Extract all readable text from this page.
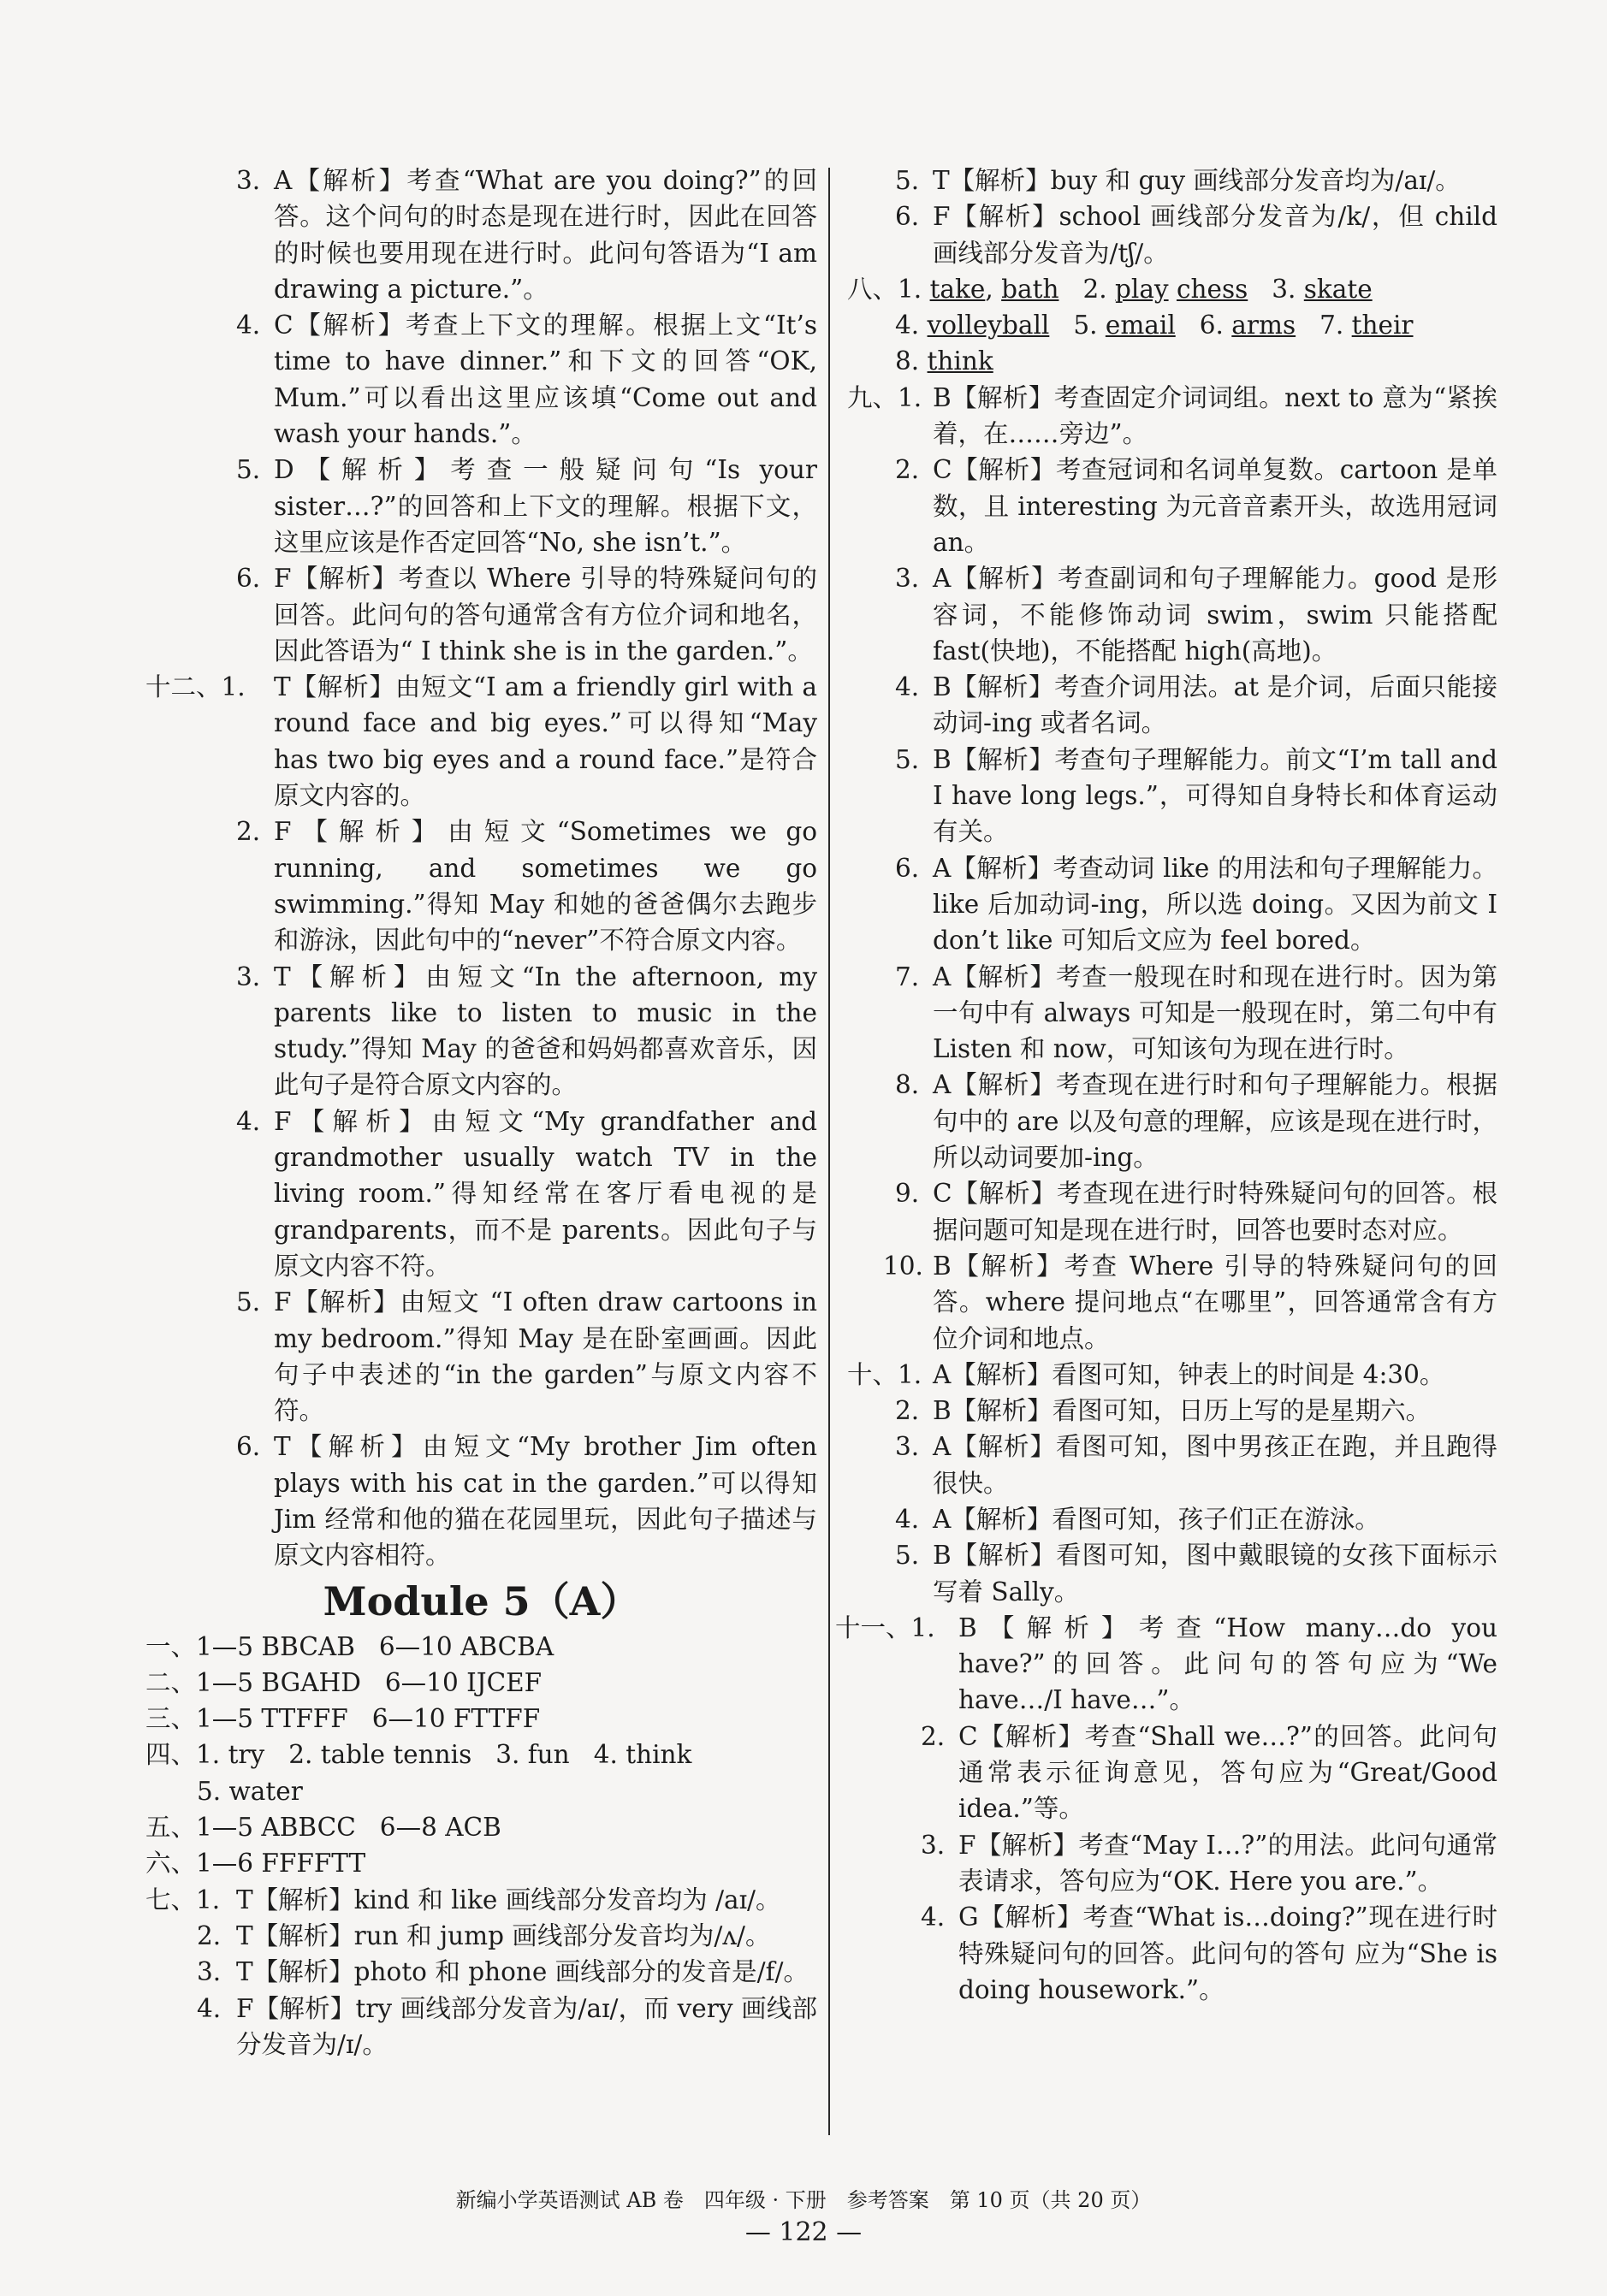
3. A【解析】考查“What are you doing?”的回答。这个问句的时态是现在进行时，因此在回答的时候也要用现在进行时。此问句答语为“I am drawing a picture.”。
4. C【解析】考查上下文的理解。根据上文“It’s time to have dinner.”和下文的回答“OK, Mum.”可以看出这里应该填“Come out and wash your hands.”。
5. D【解析】考查一般疑问句“Is your sister…?”的回答和上下文的理解。根据下文，这里应该是作否定回答“No, she isn’t.”。
6. F【解析】考查以 Where 引导的特殊疑问句的回答。此问句的答句通常含有方位介词和地名，因此答语为“ I think she is in the garden.”。
十二、1. T【解析】由短文“I am a friendly girl with a round face and big eyes.”可以得知“May has two big eyes and a round face.”是符合原文内容的。
2. F【解析】由短文“Sometimes we go running, and sometimes we go swimming.”得知 May 和她的爸爸偶尔去跑步和游泳，因此句中的“never”不符合原文内容。
3. T【解析】由短文“In the afternoon, my parents like to listen to music in the study.”得知 May 的爸爸和妈妈都喜欢音乐，因此句子是符合原文内容的。
4. F【解析】由短文“My grandfather and grandmother usually watch TV in the living room.”得知经常在客厅看电视的是 grandparents，而不是 parents。因此句子与原文内容不符。
5. F【解析】由短文 “I often draw cartoons in my bedroom.”得知 May 是在卧室画画。因此句子中表述的“in the garden”与原文内容不符。
6. T【解析】由短文“My brother Jim often plays with his cat in the garden.”可以得知 Jim 经常和他的猫在花园里玩，因此句子描述与原文内容相符。
Module 5（A）
一、1—5 BBCAB 6—10 ABCBA
二、1—5 BGAHD 6—10 IJCEF
三、1—5 TTFFF 6—10 FTTFF
四、1. try 2. table tennis 3. fun 4. think
5. water
五、1—5 ABBCC 6—8 ACB
六、1—6 FFFFTT
七、1. T【解析】kind 和 like 画线部分发音均为 /aɪ/。
2. T【解析】run 和 jump 画线部分发音均为/ʌ/。
3. T【解析】photo 和 phone 画线部分的发音是/f/。
4. F【解析】try 画线部分发音为/aɪ/，而 very 画线部分发音为/ɪ/。
5. T【解析】buy 和 guy 画线部分发音均为/aɪ/。
6. F【解析】school 画线部分发音为/k/，但 child 画线部分发音为/tʃ/。
八、1. take, bath 2. play chess 3. skate
4. volleyball 5. email 6. arms 7. their
8. think
九、1. B【解析】考查固定介词词组。next to 意为“紧挨着，在……旁边”。
2. C【解析】考查冠词和名词单复数。cartoon 是单数，且 interesting 为元音音素开头，故选用冠词 an。
3. A【解析】考查副词和句子理解能力。good 是形容词，不能修饰动词 swim，swim 只能搭配 fast(快地)，不能搭配 high(高地)。
4. B【解析】考查介词用法。at 是介词，后面只能接动词-ing 或者名词。
5. B【解析】考查句子理解能力。前文“I’m tall and I have long legs.”，可得知自身特长和体育运动有关。
6. A【解析】考查动词 like 的用法和句子理解能力。like 后加动词-ing，所以选 doing。又因为前文 I don’t like 可知后文应为 feel bored。
7. A【解析】考查一般现在时和现在进行时。因为第一句中有 always 可知是一般现在时，第二句中有 Listen 和 now，可知该句为现在进行时。
8. A【解析】考查现在进行时和句子理解能力。根据句中的 are 以及句意的理解，应该是现在进行时，所以动词要加-ing。
9. C【解析】考查现在进行时特殊疑问句的回答。根据问题可知是现在进行时，回答也要时态对应。
10. B【解析】考查 Where 引导的特殊疑问句的回答。where 提问地点“在哪里”，回答通常含有方位介词和地点。
十、1. A【解析】看图可知，钟表上的时间是 4:30。
2. B【解析】看图可知，日历上写的是星期六。
3. A【解析】看图可知，图中男孩正在跑，并且跑得很快。
4. A【解析】看图可知，孩子们正在游泳。
5. B【解析】看图可知，图中戴眼镜的女孩下面标示写着 Sally。
十一、1. B【解析】考查“How many…do you have?”的回答。此问句的答句应为“We have…/I have…”。
2. C【解析】考查“Shall we…?”的回答。此问句通常表示征询意见，答句应为“Great/Good idea.”等。
3. F【解析】考查“May I…?”的用法。此问句通常表请求，答句应为“OK. Here you are.”。
4. G【解析】考查“What is…doing?”现在进行时特殊疑问句的回答。此问句的答句 应为“She is doing housework.”。
新编小学英语测试 AB 卷　四年级 · 下册　参考答案　第 10 页（共 20 页）
— 122 —
